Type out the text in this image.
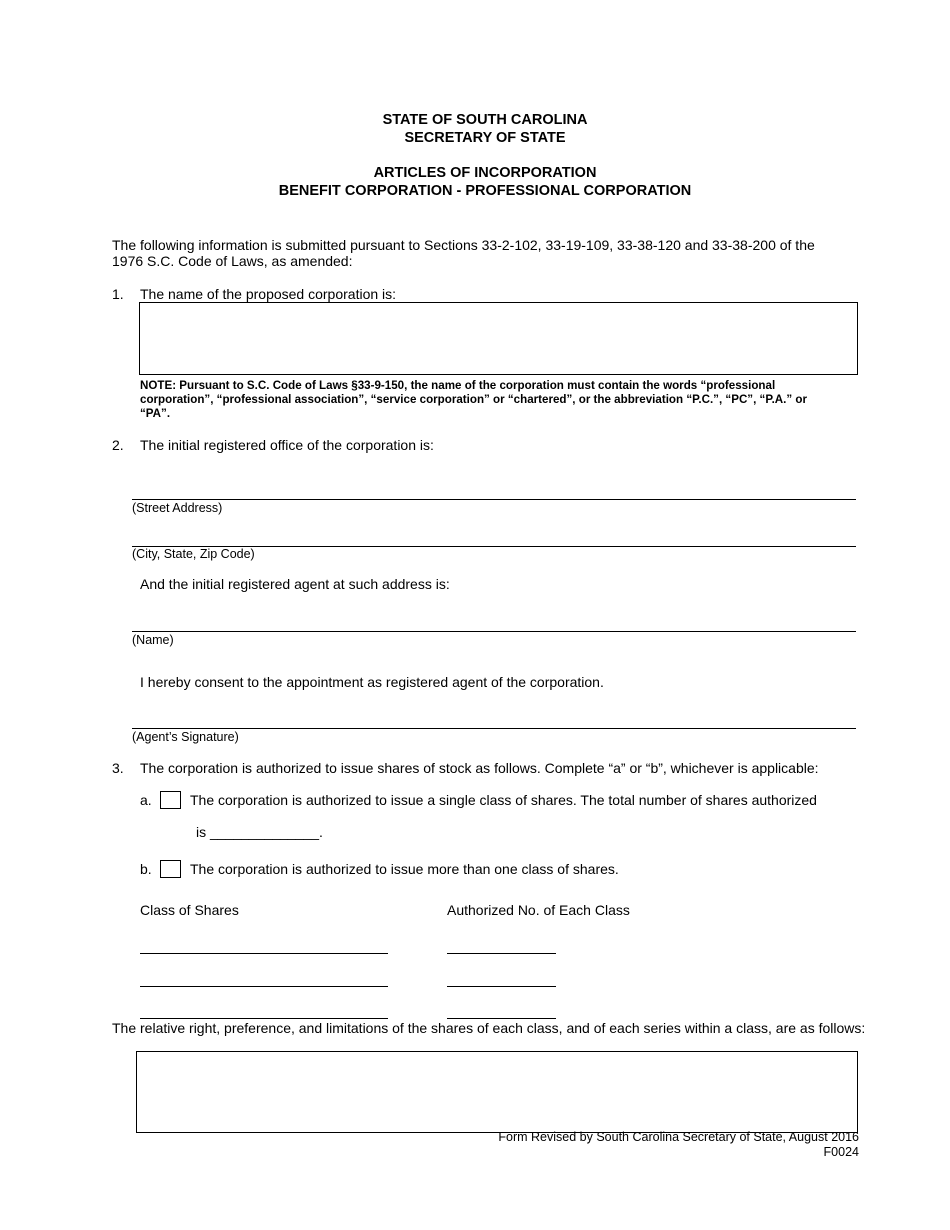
STATE OF SOUTH CAROLINA
SECRETARY OF STATE
ARTICLES OF INCORPORATION
BENEFIT CORPORATION - PROFESSIONAL CORPORATION
The following information is submitted pursuant to Sections 33-2-102, 33-19-109, 33-38-120 and 33-38-200 of the
1976 S.C. Code of Laws, as amended:
1. The name of the proposed corporation is:
NOTE: Pursuant to S.C. Code of Laws §33-9-150, the name of the corporation must contain the words “professional
corporation”, “professional association”, “service corporation” or “chartered”, or the abbreviation “P.C.”, “PC”, “P.A.” or
“PA”.
2. The initial registered office of the corporation is:
(Street Address)
(City, State, Zip Code)
And the initial registered agent at such address is:
(Name)
I hereby consent to the appointment as registered agent of the corporation.
(Agent’s Signature)
3. The corporation is authorized to issue shares of stock as follows. Complete “a” or “b”, whichever is applicable:
a.	The corporation is authorized to issue a single class of shares. The total number of shares authorized
is ______________.
b.	The corporation is authorized to issue more than one class of shares.
Class of Shares	Authorized No. of Each Class
The relative right, preference, and limitations of the shares of each class, and of each series within a class, are as follows:
Form Revised by South Carolina Secretary of State, August 2016
F0024
